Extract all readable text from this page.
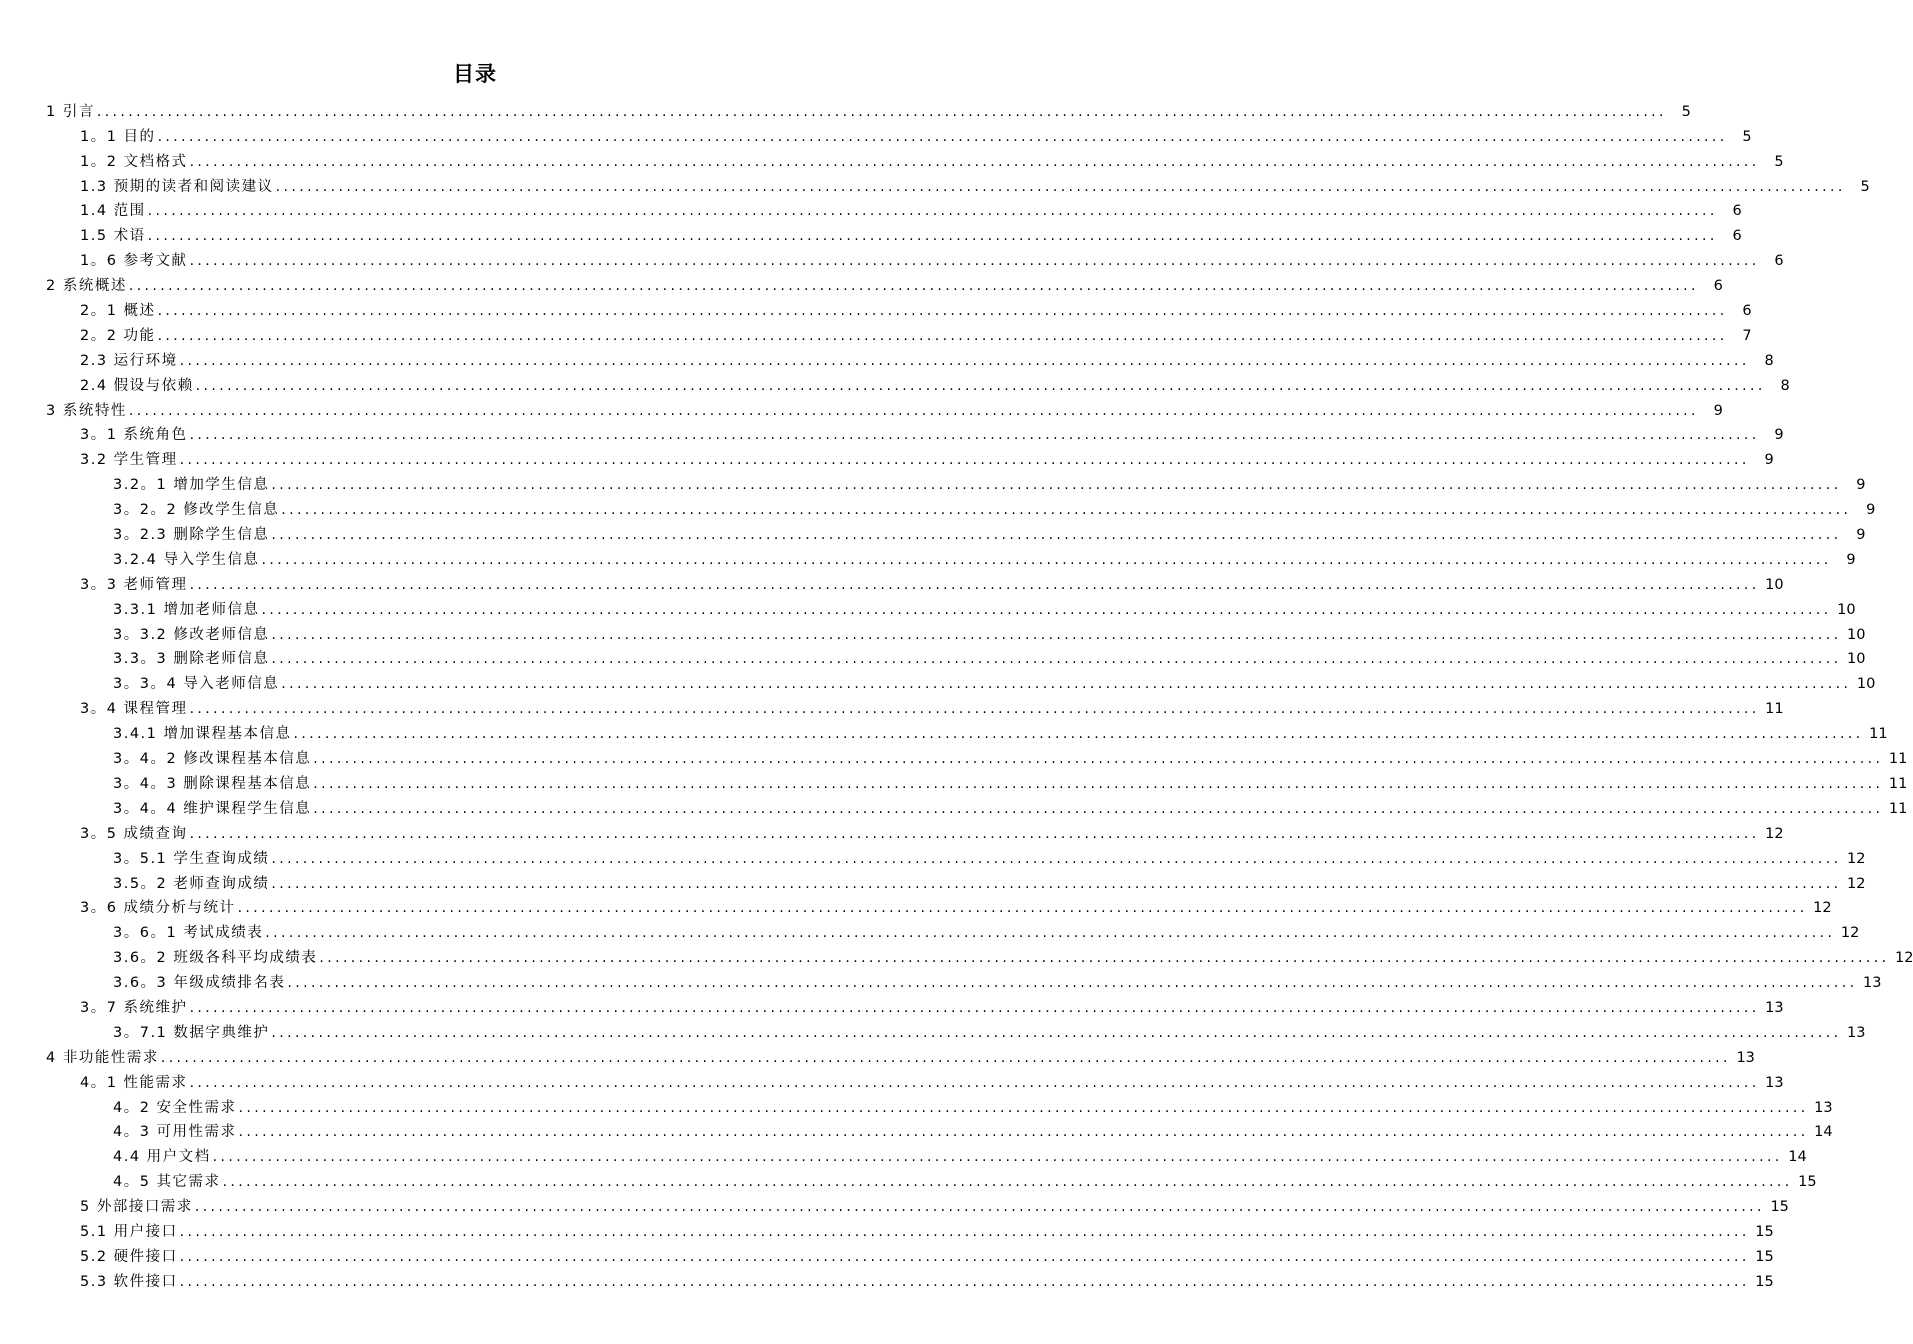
目录
1 引言 ........................................................................................................................................................................................................	5
1。1 目的 ........................................................................................................................................................................................................	5
1。2 文档格式 ........................................................................................................................................................................................................	5
1.3 预期的读者和阅读建议 ........................................................................................................................................................................................................	5
1.4 范围 ........................................................................................................................................................................................................	6
1.5 术语 ........................................................................................................................................................................................................	6
1。6 参考文献 ........................................................................................................................................................................................................	6
2 系统概述 ........................................................................................................................................................................................................	6
2。1 概述 ........................................................................................................................................................................................................	6
2。2 功能 ........................................................................................................................................................................................................	7
2.3 运行环境 ........................................................................................................................................................................................................	8
2.4 假设与依赖 ........................................................................................................................................................................................................	8
3 系统特性 ........................................................................................................................................................................................................	9
3。1 系统角色 ........................................................................................................................................................................................................	9
3.2 学生管理 ........................................................................................................................................................................................................	9
3.2。1 增加学生信息 ........................................................................................................................................................................................................	9
3。2。2 修改学生信息 ........................................................................................................................................................................................................	9
3。2.3 删除学生信息 ........................................................................................................................................................................................................	9
3.2.4 导入学生信息 ........................................................................................................................................................................................................	9
3。3 老师管理 ........................................................................................................................................................................................................ 10
3.3.1 增加老师信息 ........................................................................................................................................................................................................ 10
3。3.2 修改老师信息 ........................................................................................................................................................................................................ 10
3.3。3 删除老师信息 ........................................................................................................................................................................................................ 10
3。3。4 导入老师信息 ........................................................................................................................................................................................................ 10
3。4 课程管理 ........................................................................................................................................................................................................ 11
3.4.1 增加课程基本信息 ........................................................................................................................................................................................................ 11
3。4。2 修改课程基本信息 ........................................................................................................................................................................................................ 11
3。4。3 删除课程基本信息 ........................................................................................................................................................................................................ 11
3。4。4 维护课程学生信息 ........................................................................................................................................................................................................ 11
3。5 成绩查询 ........................................................................................................................................................................................................ 12
3。5.1 学生查询成绩 ........................................................................................................................................................................................................ 12
3.5。2 老师查询成绩 ........................................................................................................................................................................................................ 12
3。6 成绩分析与统计 ........................................................................................................................................................................................................ 12
3。6。1 考试成绩表 ........................................................................................................................................................................................................ 12
3.6。2 班级各科平均成绩表 ........................................................................................................................................................................................................ 12
3.6。3 年级成绩排名表 ........................................................................................................................................................................................................ 13
3。7 系统维护 ........................................................................................................................................................................................................ 13
3。7.1 数据字典维护 ........................................................................................................................................................................................................ 13
4 非功能性需求 ........................................................................................................................................................................................................ 13
4。1 性能需求 ........................................................................................................................................................................................................ 13
4。2 安全性需求 ........................................................................................................................................................................................................ 13
4。3 可用性需求 ........................................................................................................................................................................................................ 14
4.4 用户文档 ........................................................................................................................................................................................................ 14
4。5 其它需求 ........................................................................................................................................................................................................ 15
5 外部接口需求 ........................................................................................................................................................................................................ 15
5.1 用户接口 ........................................................................................................................................................................................................ 15
5.2 硬件接口 ........................................................................................................................................................................................................ 15
5.3 软件接口 ........................................................................................................................................................................................................ 15
